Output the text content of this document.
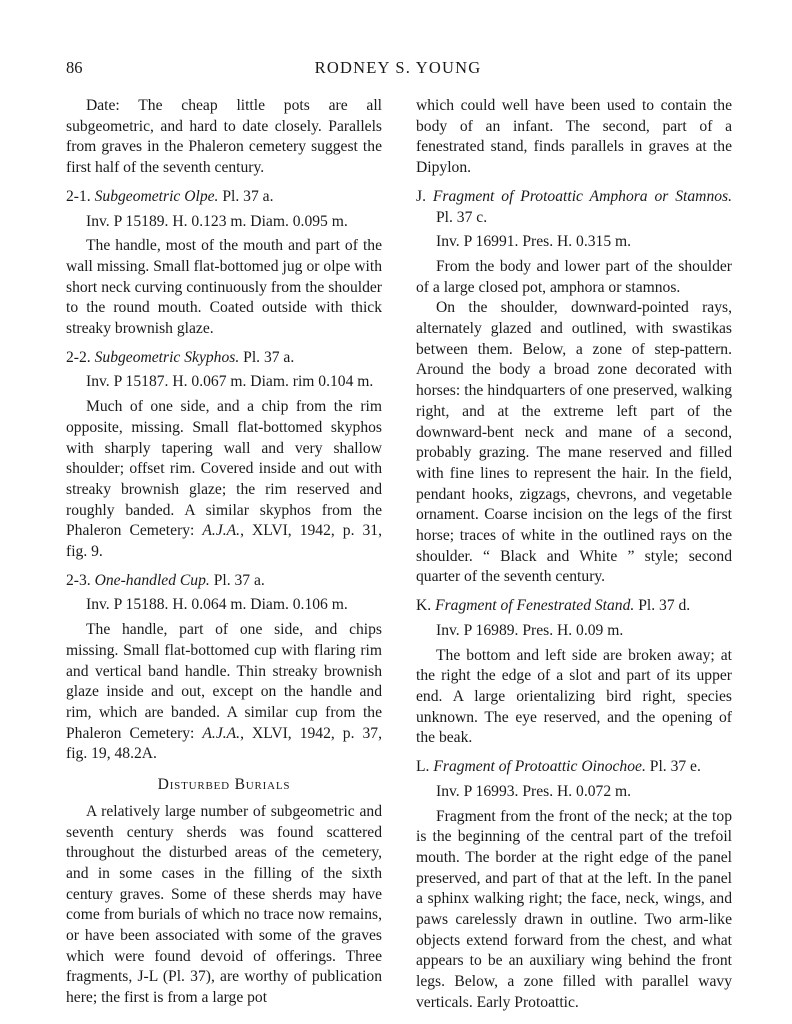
86	RODNEY S. YOUNG

Date: The cheap little pots are all subgeometric, and hard to date closely. Parallels from graves in the Phaleron cemetery suggest the first half of the seventh century.

2-1. Subgeometric Olpe. Pl. 37 a.

Inv. P 15189. H. 0.123 m. Diam. 0.095 m.

The handle, most of the mouth and part of the wall missing. Small flat-bottomed jug or olpe with short neck curving continuously from the shoulder to the round mouth. Coated outside with thick streaky brownish glaze.

2-2. Subgeometric Skyphos. Pl. 37 a.

Inv. P 15187. H. 0.067 m. Diam. rim 0.104 m.

Much of one side, and a chip from the rim opposite, missing. Small flat-bottomed skyphos with sharply tapering wall and very shallow shoulder; offset rim. Covered inside and out with streaky brownish glaze; the rim reserved and roughly banded. A similar skyphos from the Phaleron Cemetery: A.J.A., XLVI, 1942, p. 31, fig. 9.

2-3. One-handled Cup. Pl. 37 a.

Inv. P 15188. H. 0.064 m. Diam. 0.106 m.

The handle, part of one side, and chips missing. Small flat-bottomed cup with flaring rim and vertical band handle. Thin streaky brownish glaze inside and out, except on the handle and rim, which are banded. A similar cup from the Phaleron Cemetery: A.J.A., XLVI, 1942, p. 37, fig. 19, 48.2A.

Disturbed Burials

A relatively large number of subgeometric and seventh century sherds was found scattered throughout the disturbed areas of the cemetery, and in some cases in the filling of the sixth century graves. Some of these sherds may have come from burials of which no trace now remains, or have been associated with some of the graves which were found devoid of offerings. Three fragments, J-L (Pl. 37), are worthy of publication here; the first is from a large pot

which could well have been used to contain the body of an infant. The second, part of a fenestrated stand, finds parallels in graves at the Dipylon.

J. Fragment of Protoattic Amphora or Stamnos. Pl. 37 c.

Inv. P 16991. Pres. H. 0.315 m.

From the body and lower part of the shoulder of a large closed pot, amphora or stamnos.

On the shoulder, downward-pointed rays, alternately glazed and outlined, with swastikas between them. Below, a zone of step-pattern. Around the body a broad zone decorated with horses: the hindquarters of one preserved, walking right, and at the extreme left part of the downward-bent neck and mane of a second, probably grazing. The mane reserved and filled with fine lines to represent the hair. In the field, pendant hooks, zigzags, chevrons, and vegetable ornament. Coarse incision on the legs of the first horse; traces of white in the outlined rays on the shoulder. “ Black and White ” style; second quarter of the seventh century.

K. Fragment of Fenestrated Stand. Pl. 37 d.

Inv. P 16989. Pres. H. 0.09 m.

The bottom and left side are broken away; at the right the edge of a slot and part of its upper end. A large orientalizing bird right, species unknown. The eye reserved, and the opening of the beak.

L. Fragment of Protoattic Oinochoe. Pl. 37 e.

Inv. P 16993. Pres. H. 0.072 m.

Fragment from the front of the neck; at the top is the beginning of the central part of the trefoil mouth. The border at the right edge of the panel preserved, and part of that at the left. In the panel a sphinx walking right; the face, neck, wings, and paws carelessly drawn in outline. Two arm-like objects extend forward from the chest, and what appears to be an auxiliary wing behind the front legs. Below, a zone filled with parallel wavy verticals. Early Protoattic.
